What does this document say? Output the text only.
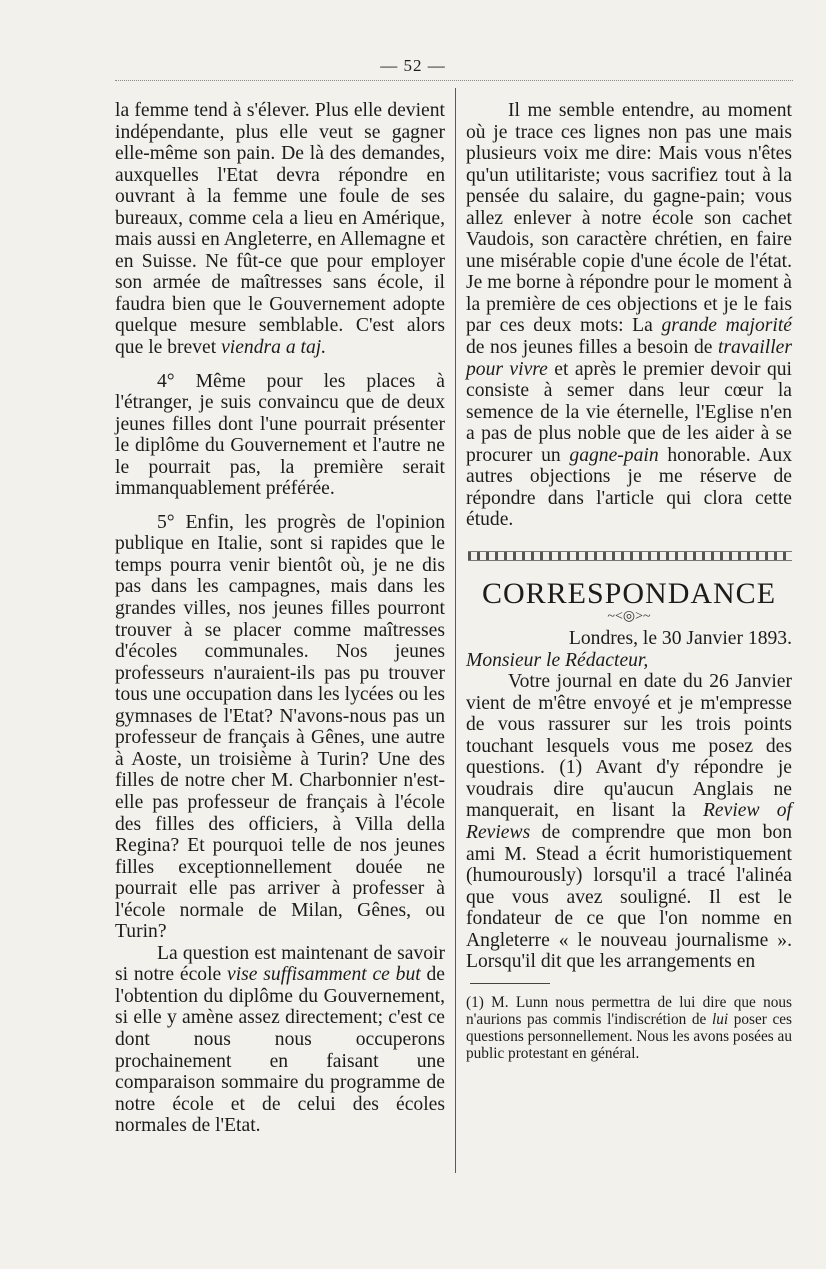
— 52 —

la femme tend à s'élever. Plus elle devient indépendante, plus elle veut se gagner elle-même son pain. De là des demandes, auxquelles l'Etat devra répondre en ouvrant à la femme une foule de ses bureaux, comme cela a lieu en Amérique, mais aussi en Angleterre, en Allemagne et en Suisse. Ne fût-ce que pour employer son armée de maîtresses sans école, il faudra bien que le Gouvernement adopte quelque mesure semblable. C'est alors que le brevet viendra a taj.

4° Même pour les places à l'étranger, je suis convaincu que de deux jeunes filles dont l'une pourrait présenter le diplôme du Gouvernement et l'autre ne le pourrait pas, la première serait immanquablement préférée.

5° Enfin, les progrès de l'opinion publique en Italie, sont si rapides que le temps pourra venir bientôt où, je ne dis pas dans les campagnes, mais dans les grandes villes, nos jeunes filles pourront trouver à se placer comme maîtresses d'écoles communales. Nos jeunes professeurs n'auraient-ils pas pu trouver tous une occupation dans les lycées ou les gymnases de l'Etat? N'avons-nous pas un professeur de français à Gênes, une autre à Aoste, un troisième à Turin? Une des filles de notre cher M. Charbonnier n'est-elle pas professeur de français à l'école des filles des officiers, à Villa della Regina? Et pourquoi telle de nos jeunes filles exceptionnellement douée ne pourrait elle pas arriver à professer à l'école normale de Milan, Gênes, ou Turin?

La question est maintenant de savoir si notre école vise suffisamment ce but de l'obtention du diplôme du Gouvernement, si elle y amène assez directement; c'est ce dont nous nous occuperons prochainement en faisant une comparaison sommaire du programme de notre école et de celui des écoles normales de l'Etat.

Il me semble entendre, au moment où je trace ces lignes non pas une mais plusieurs voix me dire: Mais vous n'êtes qu'un utilitariste; vous sacrifiez tout à la pensée du salaire, du gagne-pain; vous allez enlever à notre école son cachet Vaudois, son caractère chrétien, en faire une misérable copie d'une école de l'état. Je me borne à répondre pour le moment à la première de ces objections et je le fais par ces deux mots: La grande majorité de nos jeunes filles a besoin de travailler pour vivre et après le premier devoir qui consiste à semer dans leur cœur la semence de la vie éternelle, l'Eglise n'en a pas de plus noble que de les aider à se procurer un gagne-pain honorable. Aux autres objections je me réserve de répondre dans l'article qui clora cette étude.

CORRESPONDANCE
~<◎>~

Londres, le 30 Janvier 1893.

Monsieur le Rédacteur,

Votre journal en date du 26 Janvier vient de m'être envoyé et je m'empresse de vous rassurer sur les trois points touchant lesquels vous me posez des questions. (1) Avant d'y répondre je voudrais dire qu'aucun Anglais ne manquerait, en lisant la Review of Reviews de comprendre que mon bon ami M. Stead a écrit humoristiquement (humourously) lorsqu'il a tracé l'alinéa que vous avez souligné. Il est le fondateur de ce que l'on nomme en Angleterre « le nouveau journalisme ». Lorsqu'il dit que les arrangements en

(1) M. Lunn nous permettra de lui dire que nous n'aurions pas commis l'indiscrétion de lui poser ces questions personnellement. Nous les avons posées au public protestant en général.
